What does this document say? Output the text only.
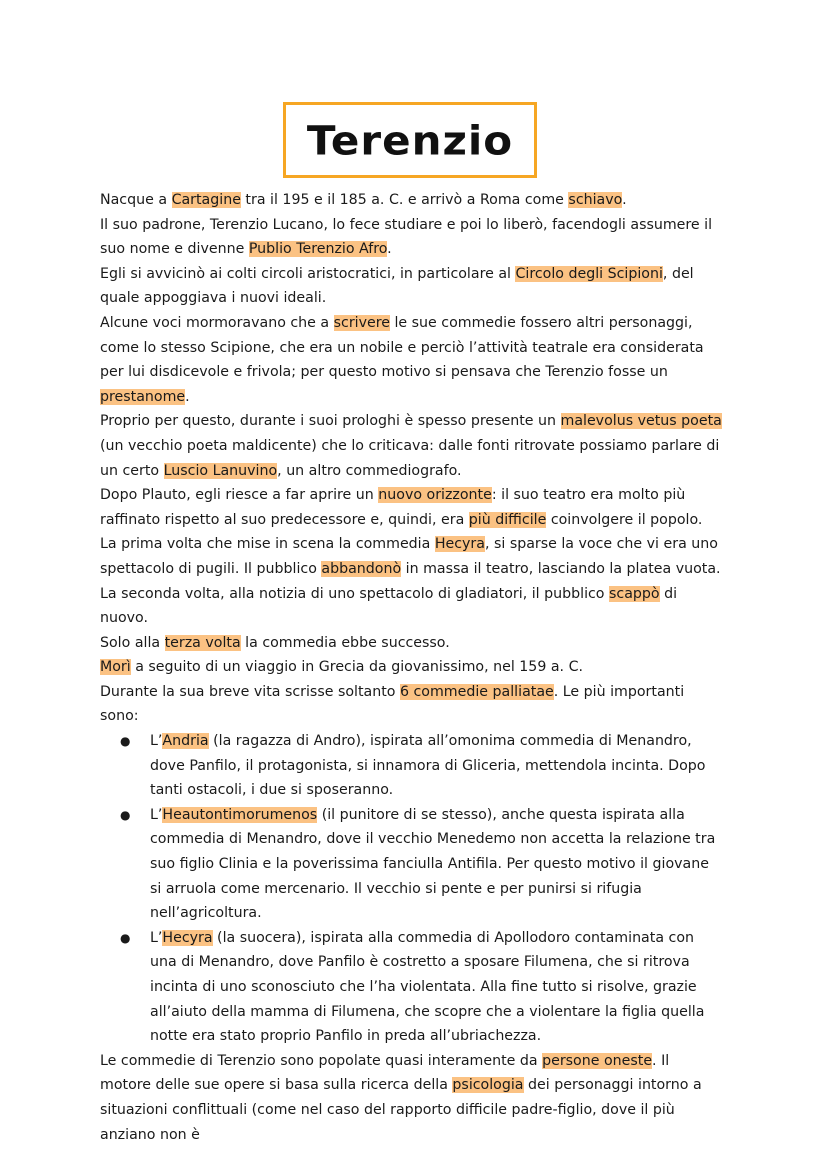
Terenzio

Nacque a Cartagine tra il 195 e il 185 a. C. e arrivò a Roma come schiavo.

Il suo padrone, Terenzio Lucano, lo fece studiare e poi lo liberò, facendogli assumere il suo nome e divenne Publio Terenzio Afro.

Egli si avvicinò ai colti circoli aristocratici, in particolare al Circolo degli Scipioni, del quale appoggiava i nuovi ideali.

Alcune voci mormoravano che a scrivere le sue commedie fossero altri personaggi, come lo stesso Scipione, che era un nobile e perciò l’attività teatrale era considerata per lui disdicevole e frivola; per questo motivo si pensava che Terenzio fosse un prestanome.

Proprio per questo, durante i suoi prologhi è spesso presente un malevolus vetus poeta (un vecchio poeta maldicente) che lo criticava: dalle fonti ritrovate possiamo parlare di un certo Luscio Lanuvino, un altro commediografo.

Dopo Plauto, egli riesce a far aprire un nuovo orizzonte: il suo teatro era molto più raffinato rispetto al suo predecessore e, quindi, era più difficile coinvolgere il popolo.

La prima volta che mise in scena la commedia Hecyra, si sparse la voce che vi era uno spettacolo di pugili. Il pubblico abbandonò in massa il teatro, lasciando la platea vuota.

La seconda volta, alla notizia di uno spettacolo di gladiatori, il pubblico scappò di nuovo.

Solo alla terza volta la commedia ebbe successo.

Morì a seguito di un viaggio in Grecia da giovanissimo, nel 159 a. C.

Durante la sua breve vita scrisse soltanto 6 commedie palliatae. Le più importanti sono:

● L’Andria (la ragazza di Andro), ispirata all’omonima commedia di Menandro, dove Panfilo, il protagonista, si innamora di Gliceria, mettendola incinta. Dopo tanti ostacoli, i due si sposeranno.
● L’Heautontimorumenos (il punitore di se stesso), anche questa ispirata alla commedia di Menandro, dove il vecchio Menedemo non accetta la relazione tra suo figlio Clinia e la poverissima fanciulla Antifila. Per questo motivo il giovane si arruola come mercenario. Il vecchio si pente e per punirsi si rifugia nell’agricoltura.
● L’Hecyra (la suocera), ispirata alla commedia di Apollodoro contaminata con una di Menandro, dove Panfilo è costretto a sposare Filumena, che si ritrova incinta di uno sconosciuto che l’ha violentata. Alla fine tutto si risolve, grazie all’aiuto della mamma di Filumena, che scopre che a violentare la figlia quella notte era stato proprio Panfilo in preda all’ubriachezza.

Le commedie di Terenzio sono popolate quasi interamente da persone oneste. Il motore delle sue opere si basa sulla ricerca della psicologia dei personaggi intorno a situazioni conflittuali (come nel caso del rapporto difficile padre-figlio, dove il più anziano non è
